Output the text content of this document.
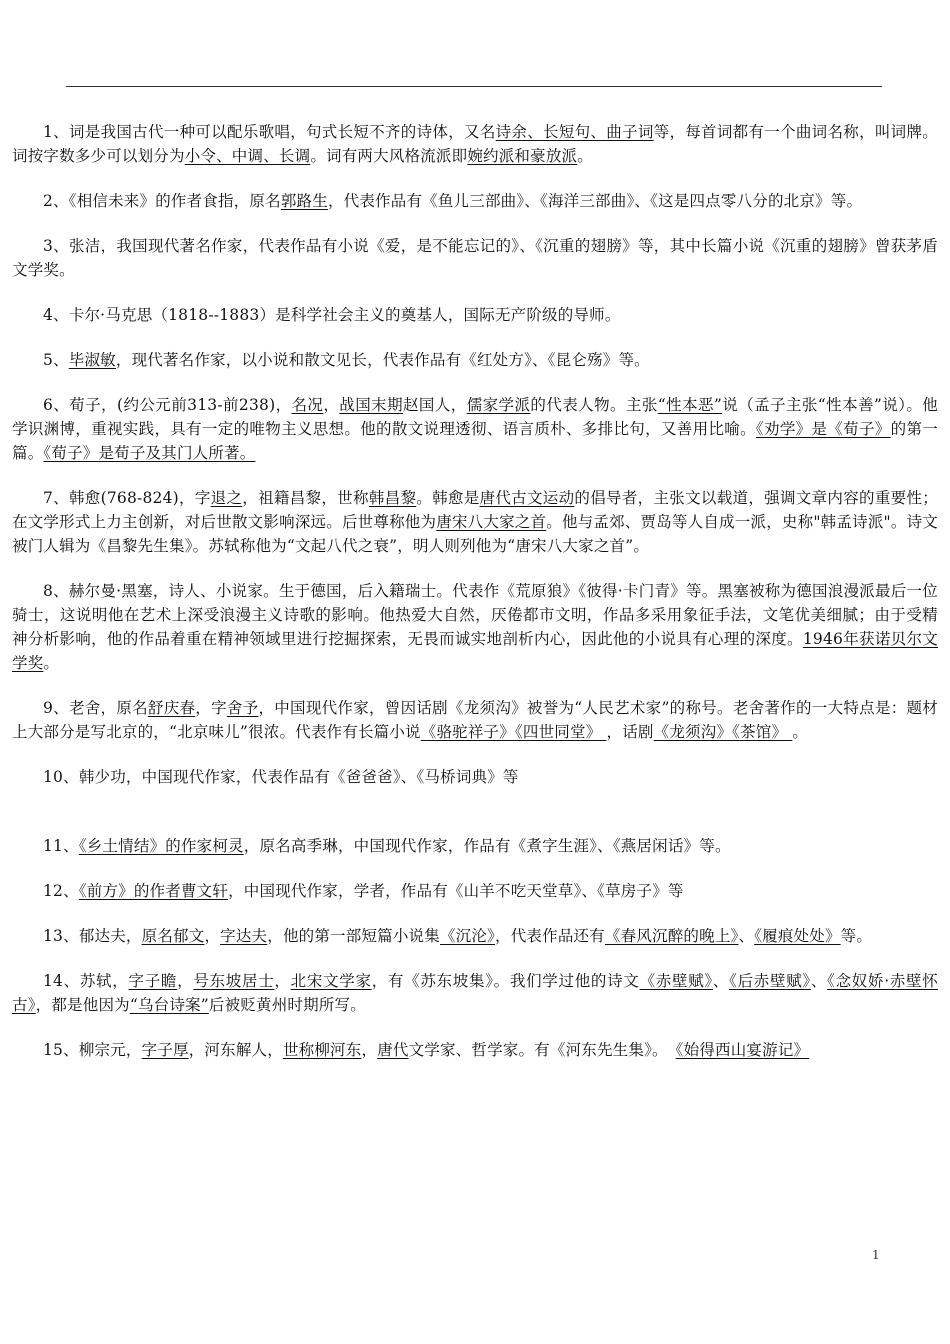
1、词是我国古代一种可以配乐歌唱，句式长短不齐的诗体，又名诗余、长短句、曲子词等，每首词都有一个曲词名称，叫词牌。词按字数多少可以划分为小令、中调、长调。词有两大风格流派即婉约派和豪放派。

2、《相信未来》的作者食指，原名郭路生，代表作品有《鱼儿三部曲》、《海洋三部曲》、《这是四点零八分的北京》等。

3、张洁，我国现代著名作家，代表作品有小说《爱，是不能忘记的》、《沉重的翅膀》等，其中长篇小说《沉重的翅膀》曾获茅盾文学奖。

4、卡尔·马克思（1818--1883）是科学社会主义的奠基人，国际无产阶级的导师。

5、毕淑敏，现代著名作家，以小说和散文见长，代表作品有《红处方》、《昆仑殇》等。

6、荀子，(约公元前313-前238)，名况，战国末期赵国人，儒家学派的代表人物。主张“性本恶”说（孟子主张“性本善”说）。他学识渊博，重视实践，具有一定的唯物主义思想。他的散文说理透彻、语言质朴、多排比句，又善用比喻。《劝学》是《荀子》的第一篇。《荀子》是荀子及其门人所著。

7、韩愈(768-824)，字退之，祖籍昌黎，世称韩昌黎。韩愈是唐代古文运动的倡导者，主张文以载道，强调文章内容的重要性；在文学形式上力主创新，对后世散文影响深远。后世尊称他为唐宋八大家之首。他与孟郊、贾岛等人自成一派，史称"韩孟诗派"。诗文被门人辑为《昌黎先生集》。苏轼称他为“文起八代之衰”，明人则列他为“唐宋八大家之首”。

8、赫尔曼·黑塞，诗人、小说家。生于德国，后入籍瑞士。代表作《荒原狼》《彼得·卡门青》等。黑塞被称为德国浪漫派最后一位骑士，这说明他在艺术上深受浪漫主义诗歌的影响。他热爱大自然，厌倦都市文明，作品多采用象征手法，文笔优美细腻；由于受精神分析影响，他的作品着重在精神领域里进行挖掘探索，无畏而诚实地剖析内心，因此他的小说具有心理的深度。1946年获诺贝尔文学奖。

9、老舍，原名舒庆春，字舍予，中国现代作家，曾因话剧《龙须沟》被誉为“人民艺术家”的称号。老舍著作的一大特点是：题材上大部分是写北京的，“北京味儿”很浓。代表作有长篇小说《骆驼祥子》《四世同堂》 ，话剧《龙须沟》《茶馆》 。

10、韩少功，中国现代作家，代表作品有《爸爸爸》、《马桥词典》等

11、《乡土情结》的作家柯灵，原名高季琳，中国现代作家，作品有《煮字生涯》、《燕居闲话》等。

12、《前方》的作者曹文轩，中国现代作家，学者，作品有《山羊不吃天堂草》、《草房子》等

13、郁达夫，原名郁文，字达夫，他的第一部短篇小说集《沉沦》，代表作品还有《春风沉醉的晚上》、《履痕处处》等。

14、苏轼，字子瞻，号东坡居士，北宋文学家，有《苏东坡集》。我们学过他的诗文《赤壁赋》、《后赤壁赋》、《念奴娇·赤壁怀古》，都是他因为“乌台诗案”后被贬黄州时期所写。

15、柳宗元，字子厚，河东解人，世称柳河东，唐代文学家、哲学家。有《河东先生集》。　《始得西山宴游记》

1
